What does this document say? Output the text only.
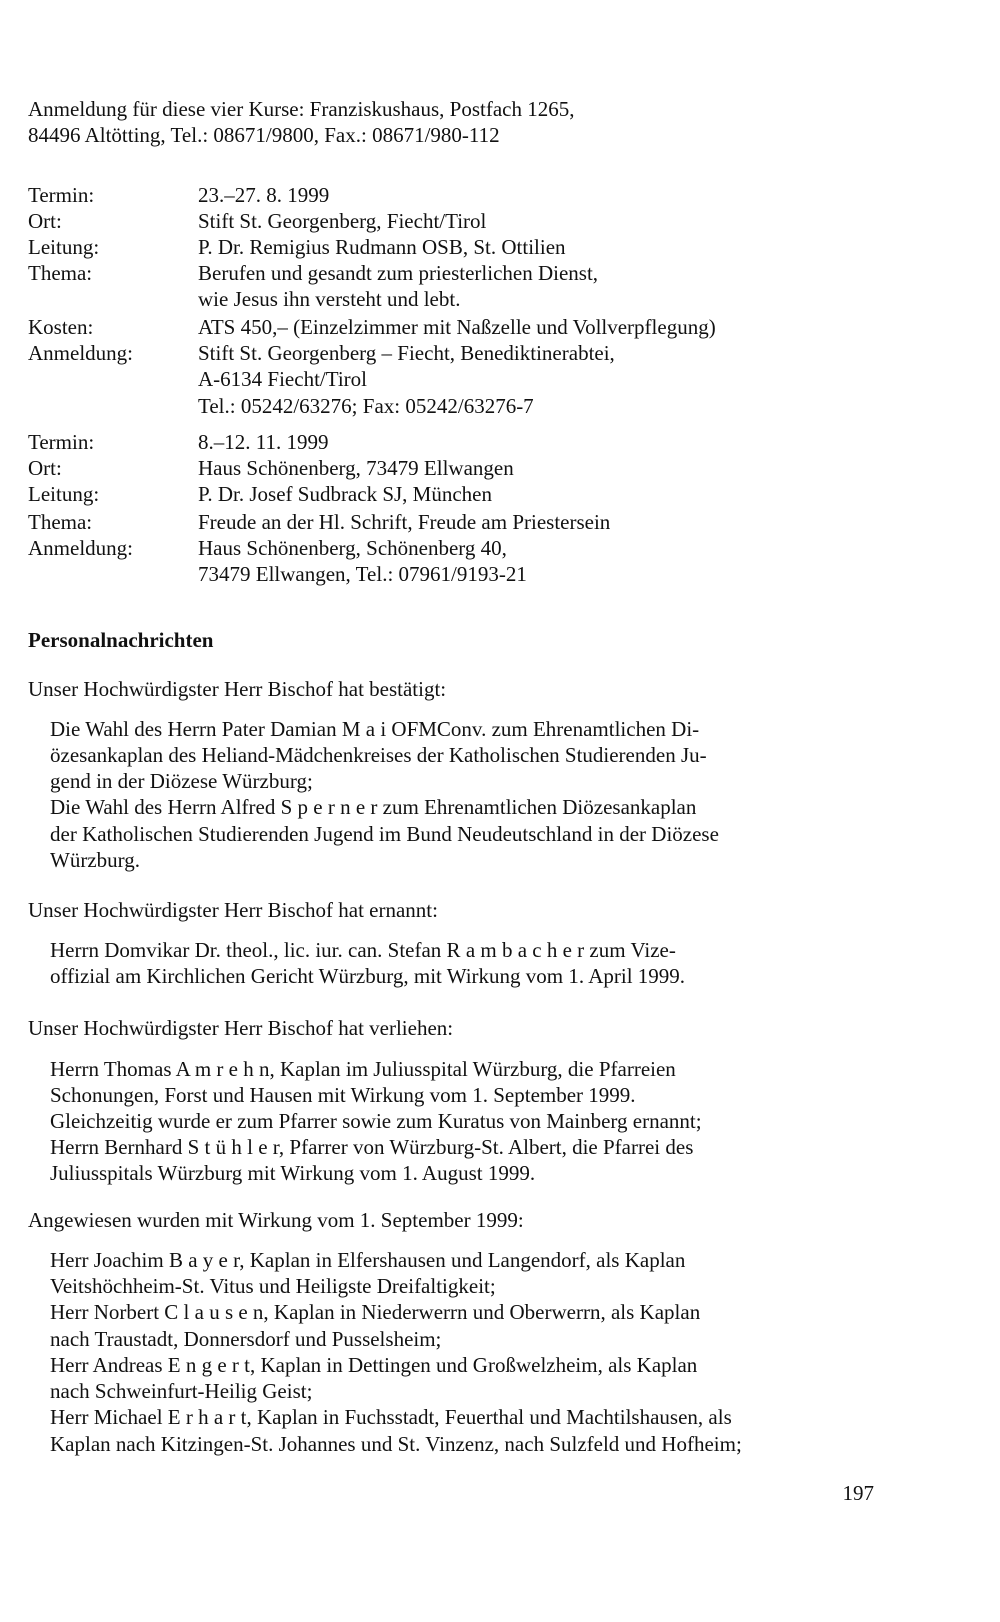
Anmeldung für diese vier Kurse: Franziskushaus, Postfach 1265,
84496 Altötting, Tel.: 08671/9800, Fax.: 08671/980-112
Termin:	23.–27. 8. 1999
Ort:	Stift St. Georgenberg, Fiecht/Tirol
Leitung:	P. Dr. Remigius Rudmann OSB, St. Ottilien
Thema:	Berufen und gesandt zum priesterlichen Dienst,
wie Jesus ihn versteht und lebt.
Kosten:	ATS 450,– (Einzelzimmer mit Naßzelle und Vollverpflegung)
Anmeldung:	Stift St. Georgenberg – Fiecht, Benediktinerabtei,
A-6134 Fiecht/Tirol
Tel.: 05242/63276; Fax: 05242/63276-7
Termin:	8.–12. 11. 1999
Ort:	Haus Schönenberg, 73479 Ellwangen
Leitung:	P. Dr. Josef Sudbrack SJ, München
Thema:	Freude an der Hl. Schrift, Freude am Priestersein
Anmeldung:	Haus Schönenberg, Schönenberg 40,
73479 Ellwangen, Tel.: 07961/9193-21
Personalnachrichten
Unser Hochwürdigster Herr Bischof hat bestätigt:
Die Wahl des Herrn Pater Damian M a i OFMConv. zum Ehrenamtlichen Di-
özesankaplan des Heliand-Mädchenkreises der Katholischen Studierenden Ju-
gend in der Diözese Würzburg;
Die Wahl des Herrn Alfred S p e r n e r zum Ehrenamtlichen Diözesankaplan
der Katholischen Studierenden Jugend im Bund Neudeutschland in der Diözese
Würzburg.
Unser Hochwürdigster Herr Bischof hat ernannt:
Herrn Domvikar Dr. theol., lic. iur. can. Stefan R a m b a c h e r zum Vize-
offizial am Kirchlichen Gericht Würzburg, mit Wirkung vom 1. April 1999.
Unser Hochwürdigster Herr Bischof hat verliehen:
Herrn Thomas A m r e h n, Kaplan im Juliusspital Würzburg, die Pfarreien
Schonungen, Forst und Hausen mit Wirkung vom 1. September 1999.
Gleichzeitig wurde er zum Pfarrer sowie zum Kuratus von Mainberg ernannt;
Herrn Bernhard S t ü h l e r, Pfarrer von Würzburg-St. Albert, die Pfarrei des
Juliusspitals Würzburg mit Wirkung vom 1. August 1999.
Angewiesen wurden mit Wirkung vom 1. September 1999:
Herr Joachim B a y e r, Kaplan in Elfershausen und Langendorf, als Kaplan
Veitshöchheim-St. Vitus und Heiligste Dreifaltigkeit;
Herr Norbert C l a u s e n, Kaplan in Niederwerrn und Oberwerrn, als Kaplan
nach Traustadt, Donnersdorf und Pusselsheim;
Herr Andreas E n g e r t, Kaplan in Dettingen und Großwelzheim, als Kaplan
nach Schweinfurt-Heilig Geist;
Herr Michael E r h a r t, Kaplan in Fuchsstadt, Feuerthal und Machtilshausen, als
Kaplan nach Kitzingen-St. Johannes und St. Vinzenz, nach Sulzfeld und Hofheim;
197
